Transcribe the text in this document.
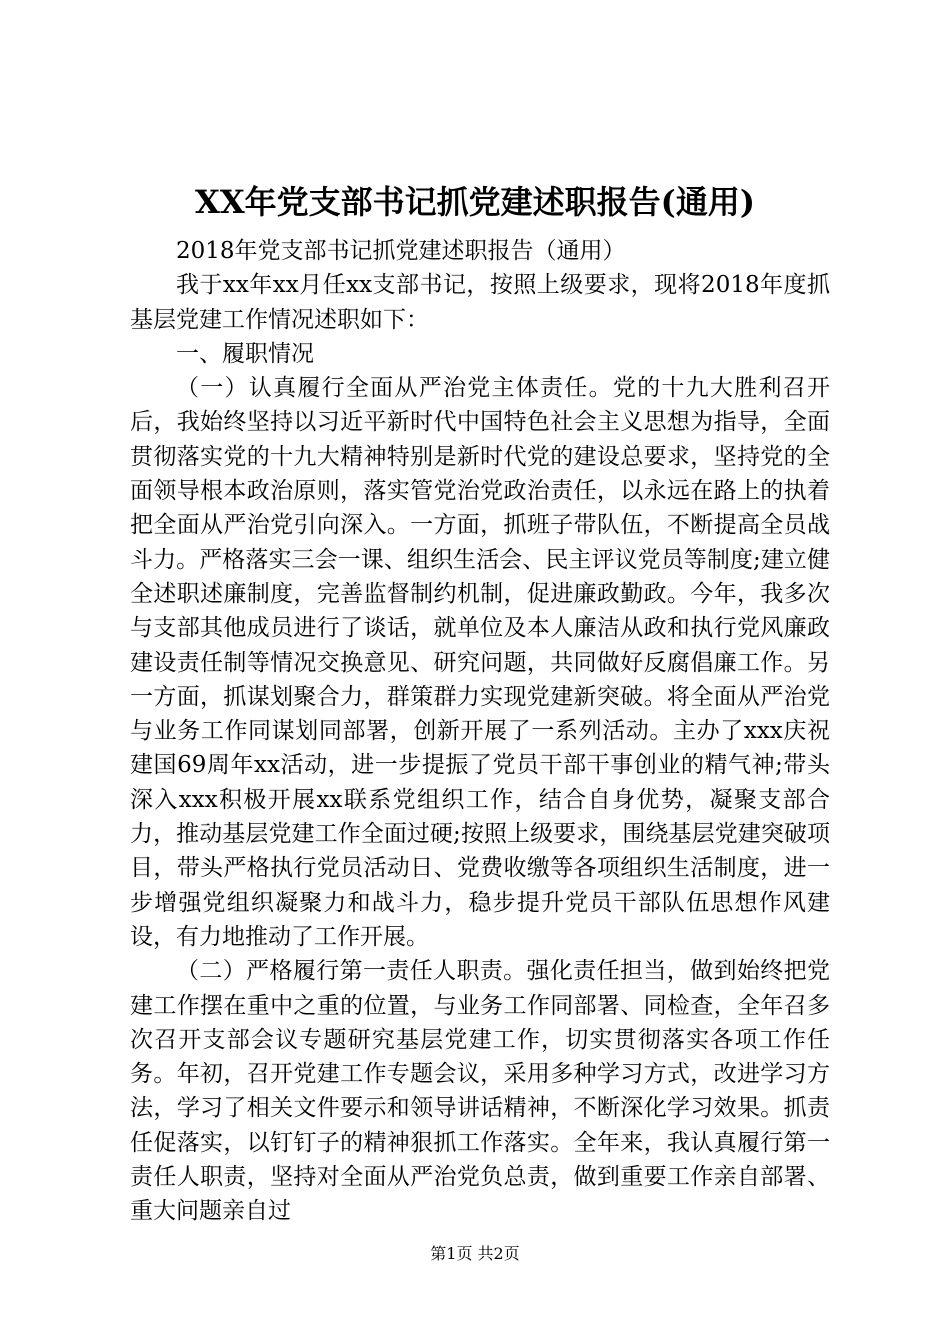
XX年党支部书记抓党建述职报告(通用)

2018年党支部书记抓党建述职报告（通用）

我于xx年xx月任xx支部书记，按照上级要求，现将2018年度抓基层党建工作情况述职如下：

一、履职情况

（一）认真履行全面从严治党主体责任。党的十九大胜利召开后，我始终坚持以习近平新时代中国特色社会主义思想为指导，全面贯彻落实党的十九大精神特别是新时代党的建设总要求，坚持党的全面领导根本政治原则，落实管党治党政治责任，以永远在路上的执着把全面从严治党引向深入。一方面，抓班子带队伍，不断提高全员战斗力。严格落实三会一课、组织生活会、民主评议党员等制度;建立健全述职述廉制度，完善监督制约机制，促进廉政勤政。今年，我多次与支部其他成员进行了谈话，就单位及本人廉洁从政和执行党风廉政建设责任制等情况交换意见、研究问题，共同做好反腐倡廉工作。另一方面，抓谋划聚合力，群策群力实现党建新突破。将全面从严治党与业务工作同谋划同部署，创新开展了一系列活动。主办了xxx庆祝建国69周年xx活动，进一步提振了党员干部干事创业的精气神;带头深入xxx积极开展xx联系党组织工作，结合自身优势，凝聚支部合力，推动基层党建工作全面过硬;按照上级要求，围绕基层党建突破项目，带头严格执行党员活动日、党费收缴等各项组织生活制度，进一步增强党组织凝聚力和战斗力，稳步提升党员干部队伍思想作风建设，有力地推动了工作开展。

（二）严格履行第一责任人职责。强化责任担当，做到始终把党建工作摆在重中之重的位置，与业务工作同部署、同检查，全年召多次召开支部会议专题研究基层党建工作，切实贯彻落实各项工作任务。年初，召开党建工作专题会议，采用多种学习方式，改进学习方法，学习了相关文件要示和领导讲话精神，不断深化学习效果。抓责任促落实，以钉钉子的精神狠抓工作落实。全年来，我认真履行第一责任人职责，坚持对全面从严治党负总责，做到重要工作亲自部署、重大问题亲自过

第1页 共2页
